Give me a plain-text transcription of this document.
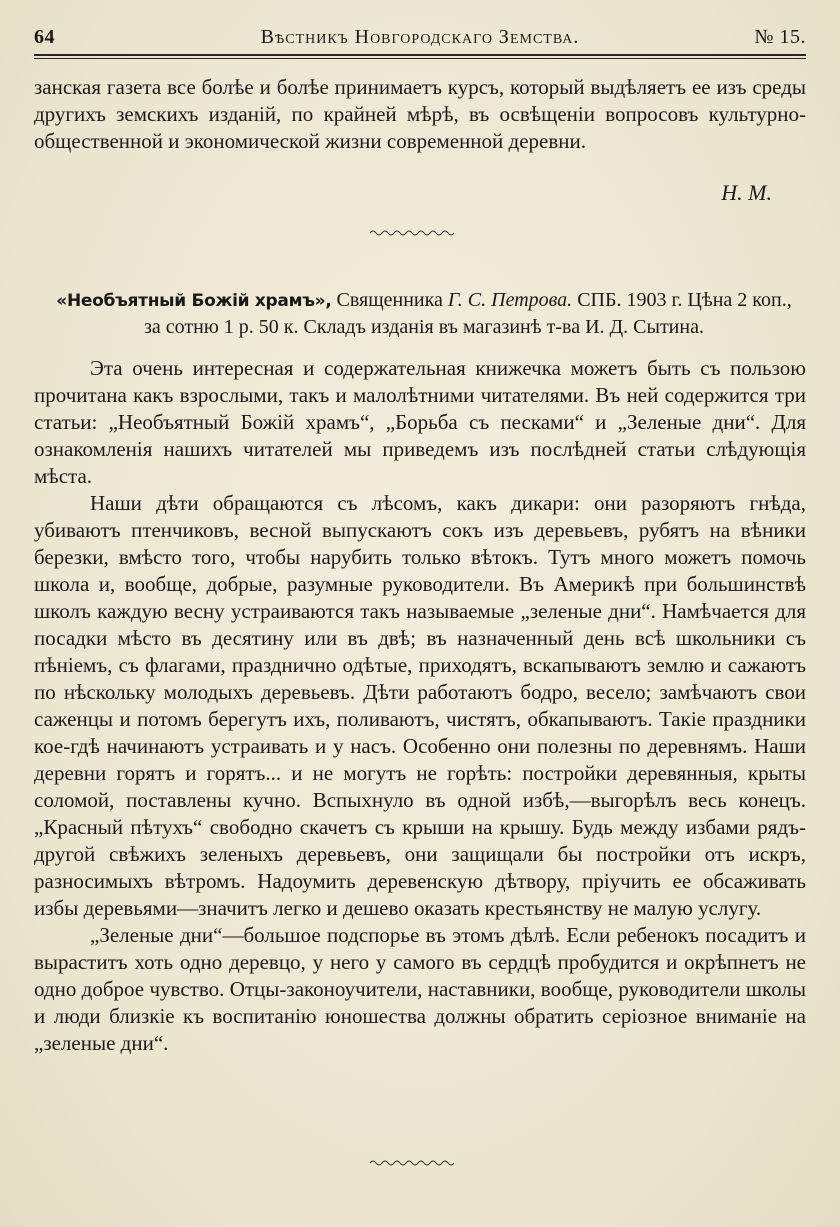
64	Вѣстникъ Новгородскаго Земства.	№ 15.

занская газета все болѣе и болѣе принимаетъ курсъ, который выдѣляетъ ее изъ среды другихъ земскихъ изданій, по крайней мѣрѣ, въ освѣщеніи вопросовъ культурно-общественной и экономической жизни современной деревни.

Н. М.
«Необъятный Божій храмъ», Священника Г. С. Петрова. СПБ. 1903 г. Цѣна 2 коп.,
за сотню 1 р. 50 к. Складъ изданія въ магазинѣ т-ва И. Д. Сытина.

Эта очень интересная и содержательная книжечка можетъ быть съ пользою прочитана какъ взрослыми, такъ и малолѣтними читателями. Въ ней содержится три статьи: „Необъятный Божій храмъ“, „Борьба съ песками“ и „Зеленые дни“. Для ознакомленія нашихъ читателей мы приведемъ изъ послѣдней статьи слѣдующія мѣста.

Наши дѣти обращаются съ лѣсомъ, какъ дикари: они разоряютъ гнѣда, убиваютъ птенчиковъ, весной выпускаютъ сокъ изъ деревьевъ, рубятъ на вѣники березки, вмѣсто того, чтобы нарубить только вѣтокъ. Тутъ много можетъ помочь школа и, вообще, добрые, разумные руководители. Въ Америкѣ при большинствѣ школъ каждую весну устраиваются такъ называемые „зеленые дни“. Намѣчается для посадки мѣсто въ десятину или въ двѣ; въ назначенный день всѣ школьники съ пѣніемъ, съ флагами, празднично одѣтые, приходятъ, вскапываютъ землю и сажаютъ по нѣскольку молодыхъ деревьевъ. Дѣти работаютъ бодро, весело; замѣчаютъ свои саженцы и потомъ берегутъ ихъ, поливаютъ, чистятъ, обкапываютъ. Такіе праздники кое-гдѣ начинаютъ устраивать и у насъ. Особенно они полезны по деревнямъ. Наши деревни горятъ и горятъ... и не могутъ не горѣть: постройки деревянныя, крыты соломой, поставлены кучно. Вспыхнуло въ одной избѣ,—выгорѣлъ весь конецъ. „Красный пѣтухъ“ свободно скачетъ съ крыши на крышу. Будь между избами рядъ-другой свѣжихъ зеленыхъ деревьевъ, они защищали бы постройки отъ искръ, разносимыхъ вѣтромъ. Надоумить деревенскую дѣтвору, пріучить ее обсаживать избы деревьями—значитъ легко и дешево оказать крестьянству не малую услугу.

„Зеленые дни“—большое подспорье въ этомъ дѣлѣ. Если ребенокъ посадитъ и выраститъ хоть одно деревцо, у него у самого въ сердцѣ пробудится и окрѣпнетъ не одно доброе чувство. Отцы-законоучители, наставники, вообще, руководители школы и люди близкіе къ воспитанію юношества должны обратить серіозное вниманіе на „зеленые дни“.
